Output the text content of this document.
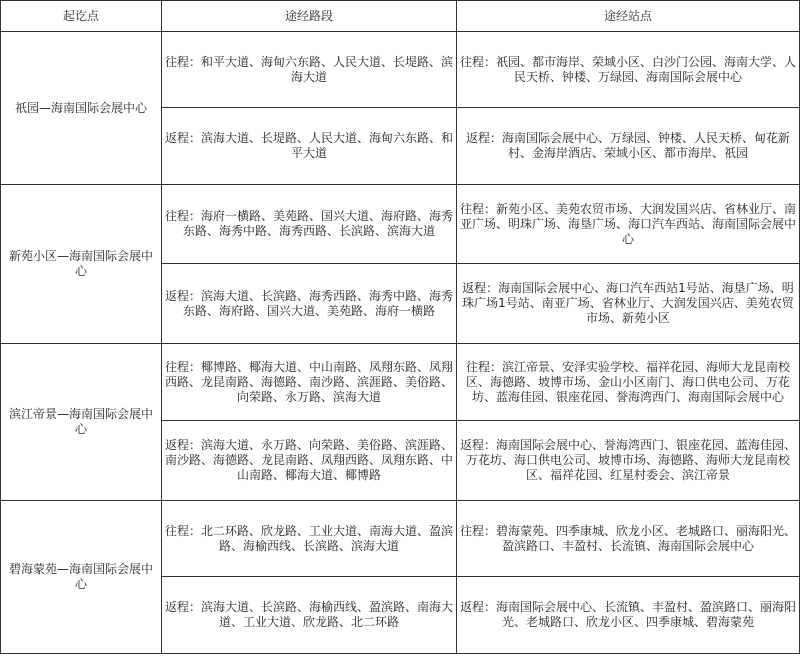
起讫点	途经路段	途经站点
祇园—海南国际会展中心	往程：和平大道、海甸六东路、人民大道、长堤路、滨海大道	往程：祇园、都市海岸、荣域小区、白沙门公园、海南大学、人民天桥、钟楼、万绿园、海南国际会展中心
	返程：滨海大道、长堤路、人民大道、海甸六东路、和平大道	返程：海南国际会展中心、万绿园、钟楼、人民天桥、甸花新村、金海岸酒店、荣域小区、都市海岸、祇园
新苑小区—海南国际会展中心	往程：海府一横路、美苑路、国兴大道、海府路、海秀东路、海秀中路、海秀西路、长滨路、滨海大道	往程：新苑小区、美苑农贸市场、大润发国兴店、省林业厅、南亚广场、明珠广场、海垦广场、海口汽车西站、海南国际会展中心
	返程：滨海大道、长滨路、海秀西路、海秀中路、海秀东路、海府路、国兴大道、美苑路、海府一横路	返程：海南国际会展中心、海口汽车西站1号站、海垦广场、明珠广场1号站、南亚广场、省林业厅、大润发国兴店、美苑农贸市场、新苑小区
滨江帝景—海南国际会展中心	往程：椰博路、椰海大道、中山南路、凤翔东路、凤翔西路、龙昆南路、海德路、南沙路、滨涯路、美俗路、向荣路、永万路、滨海大道	往程：滨江帝景、安泽实验学校、福祥花园、海师大龙昆南校区、海德路、坡博市场、金山小区南门、海口供电公司、万花坊、蓝海佳园、银座花园、誉海湾西门、海南国际会展中心
	返程：滨海大道、永万路、向荣路、美俗路、滨涯路、南沙路、海德路、龙昆南路、凤翔西路、凤翔东路、中山南路、椰海大道、椰博路	返程：海南国际会展中心、誉海湾西门、银座花园、蓝海佳园、万花坊、海口供电公司、坡博市场、海德路、海师大龙昆南校区、福祥花园、红星村委会、滨江帝景
碧海蒙苑—海南国际会展中心	往程：北二环路、欣龙路、工业大道、南海大道、盈滨路、海榆西线、长滨路、滨海大道	往程：碧海蒙苑、四季康城、欣龙小区、老城路口、丽海阳光、盈滨路口、丰盈村、长流镇、海南国际会展中心
	返程：滨海大道、长滨路、海榆西线、盈滨路、南海大道、工业大道、欣龙路、北二环路	返程：海南国际会展中心、长流镇、丰盈村、盈滨路口、丽海阳光、老城路口、欣龙小区、四季康城、碧海蒙苑
